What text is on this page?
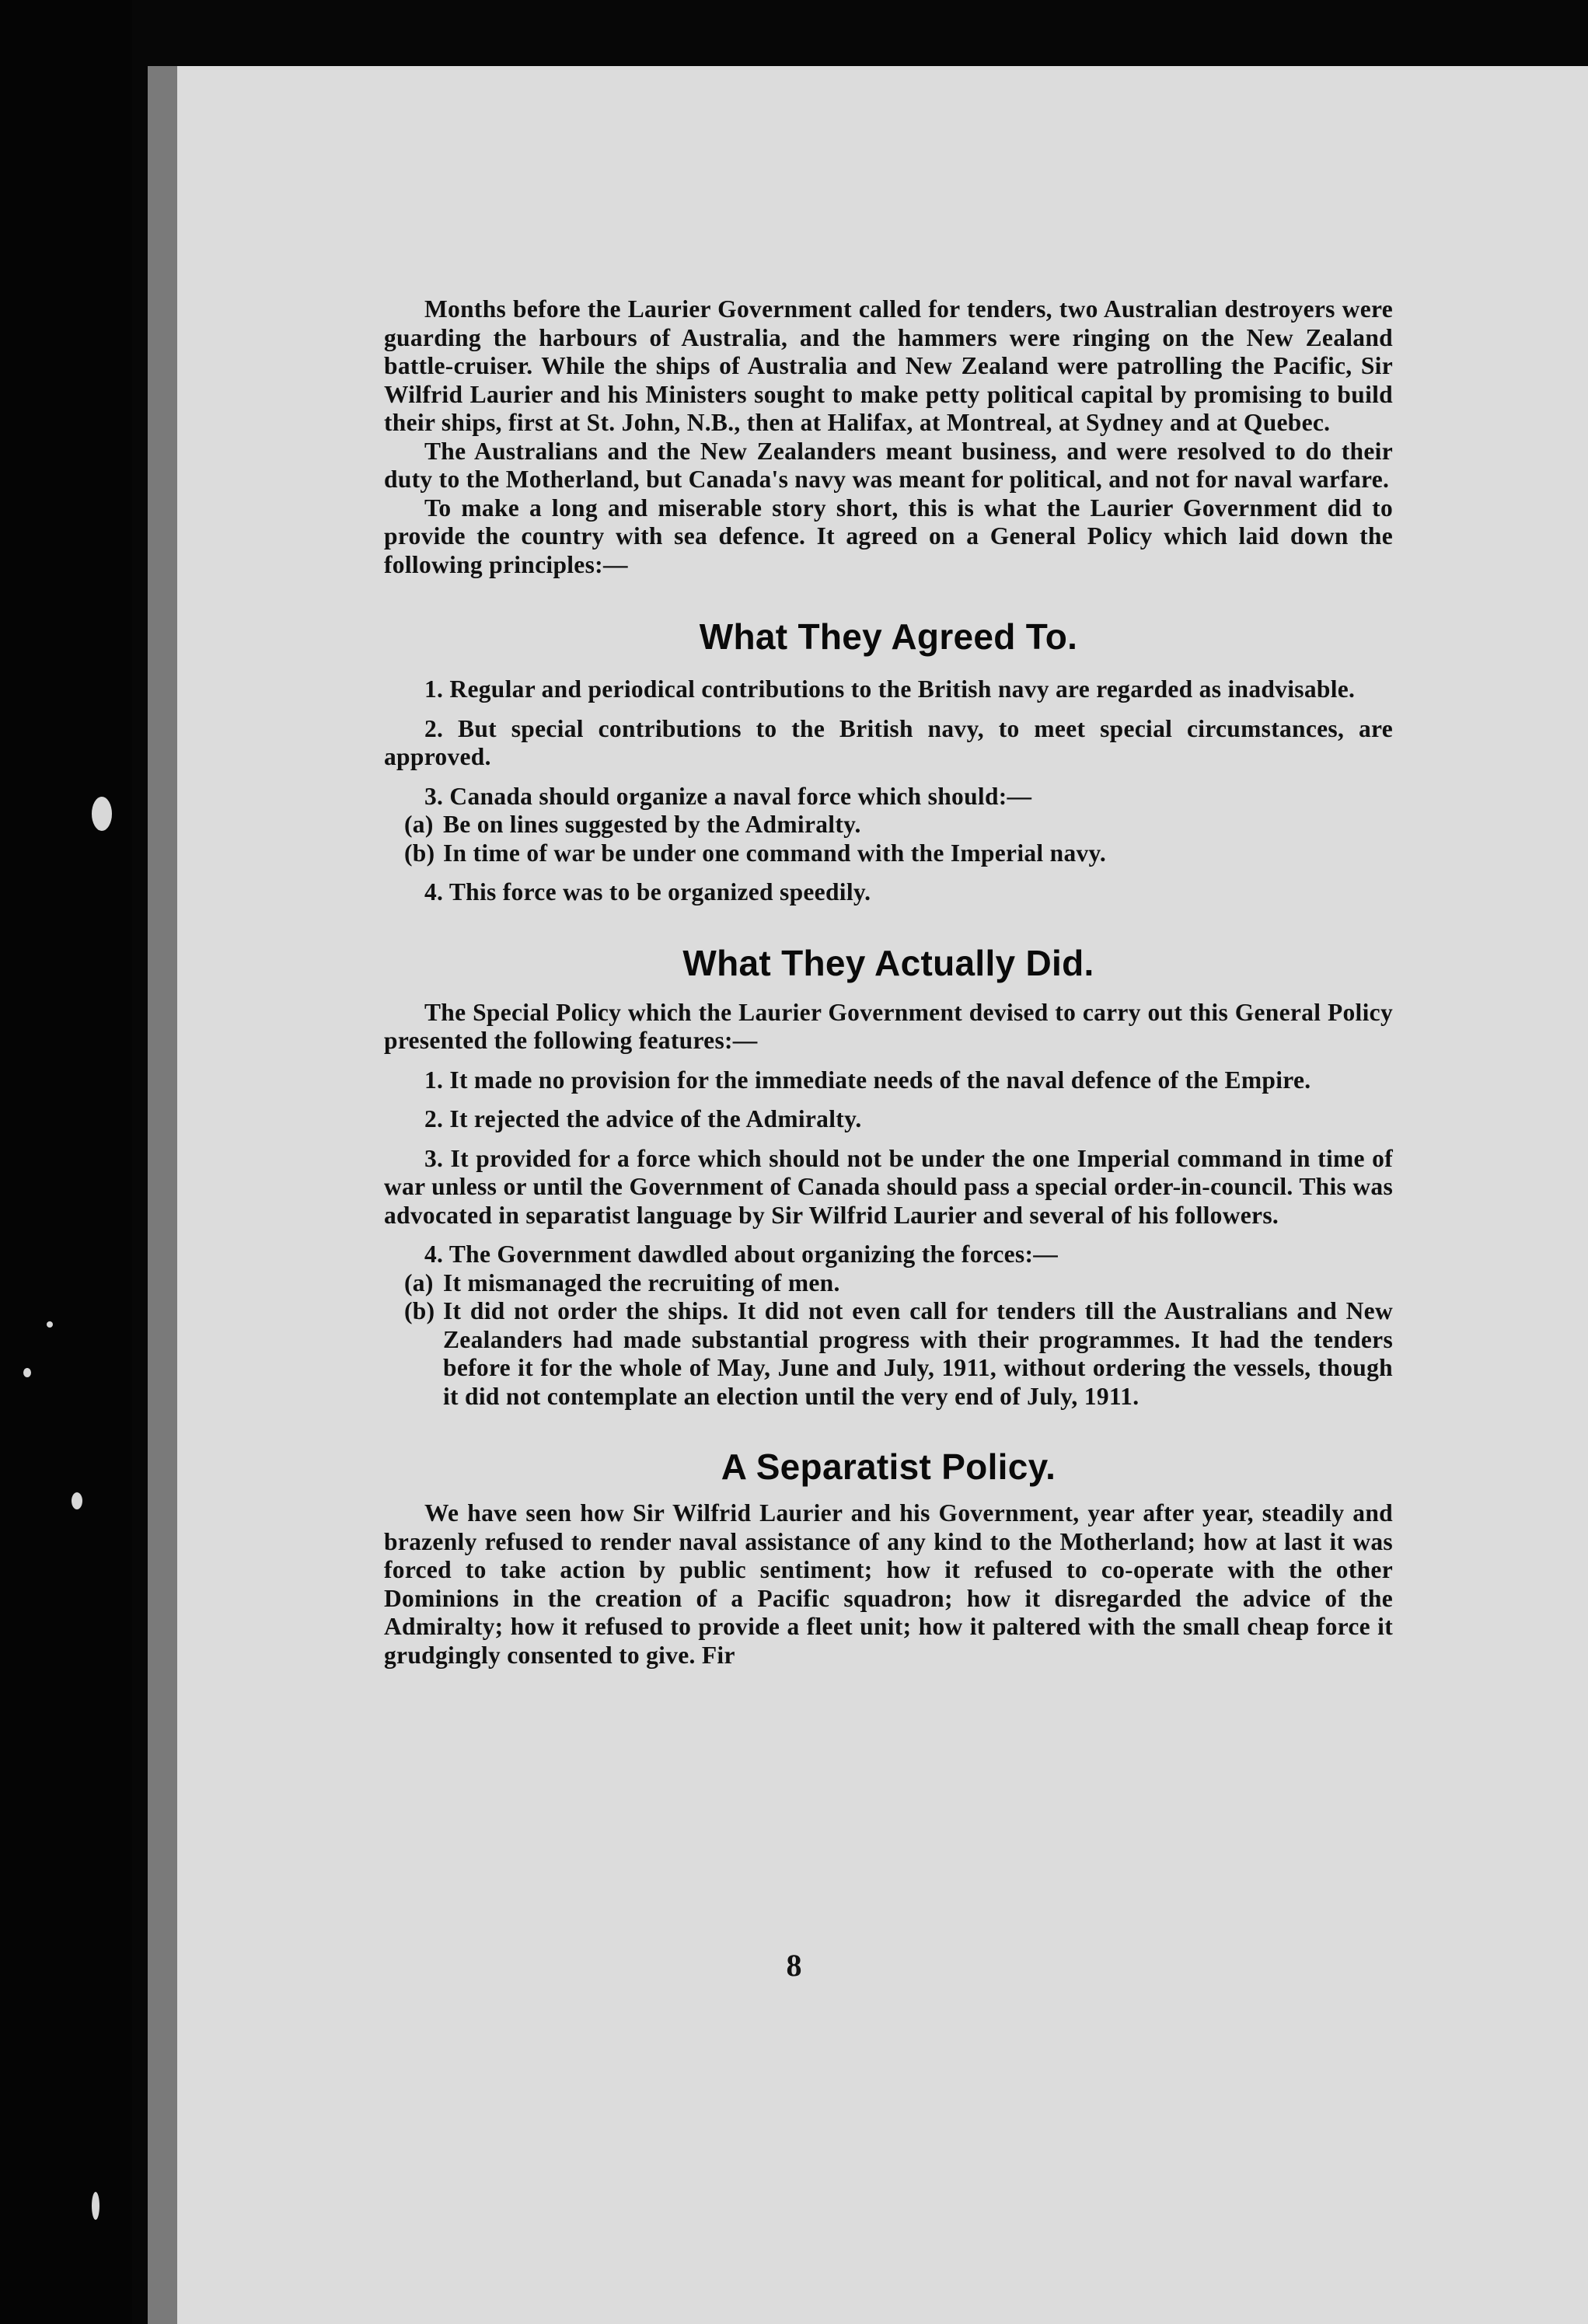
Months before the Laurier Government called for tenders, two Australian destroyers were guarding the harbours of Australia, and the hammers were ringing on the New Zealand battle-cruiser. While the ships of Australia and New Zealand were patrolling the Pacific, Sir Wilfrid Laurier and his Ministers sought to make petty political capital by promising to build their ships, first at St. John, N.B., then at Halifax, at Montreal, at Sydney and at Quebec.

The Australians and the New Zealanders meant business, and were resolved to do their duty to the Motherland, but Canada's navy was meant for political, and not for naval warfare.

To make a long and miserable story short, this is what the Laurier Government did to provide the country with sea defence. It agreed on a General Policy which laid down the following principles:—

What They Agreed To.

1. Regular and periodical contributions to the British navy are regarded as inadvisable.

2. But special contributions to the British navy, to meet special circumstances, are approved.

3. Canada should organize a naval force which should:—

(a) Be on lines suggested by the Admiralty.

(b) In time of war be under one command with the Imperial navy.

4. This force was to be organized speedily.

What They Actually Did.

The Special Policy which the Laurier Government devised to carry out this General Policy presented the following features:—

1. It made no provision for the immediate needs of the naval defence of the Empire.

2. It rejected the advice of the Admiralty.

3. It provided for a force which should not be under the one Imperial command in time of war unless or until the Government of Canada should pass a special order-in-council. This was advocated in separatist language by Sir Wilfrid Laurier and several of his followers.

4. The Government dawdled about organizing the forces:—

(a) It mismanaged the recruiting of men.

(b) It did not order the ships. It did not even call for tenders till the Australians and New Zealanders had made substantial progress with their programmes. It had the tenders before it for the whole of May, June and July, 1911, without ordering the vessels, though it did not contemplate an election until the very end of July, 1911.

A Separatist Policy.

We have seen how Sir Wilfrid Laurier and his Government, year after year, steadily and brazenly refused to render naval assistance of any kind to the Motherland; how at last it was forced to take action by public sentiment; how it refused to co-operate with the other Dominions in the creation of a Pacific squadron; how it disregarded the advice of the Admiralty; how it refused to provide a fleet unit; how it paltered with the small cheap force it grudgingly consented to give. Fir

8
